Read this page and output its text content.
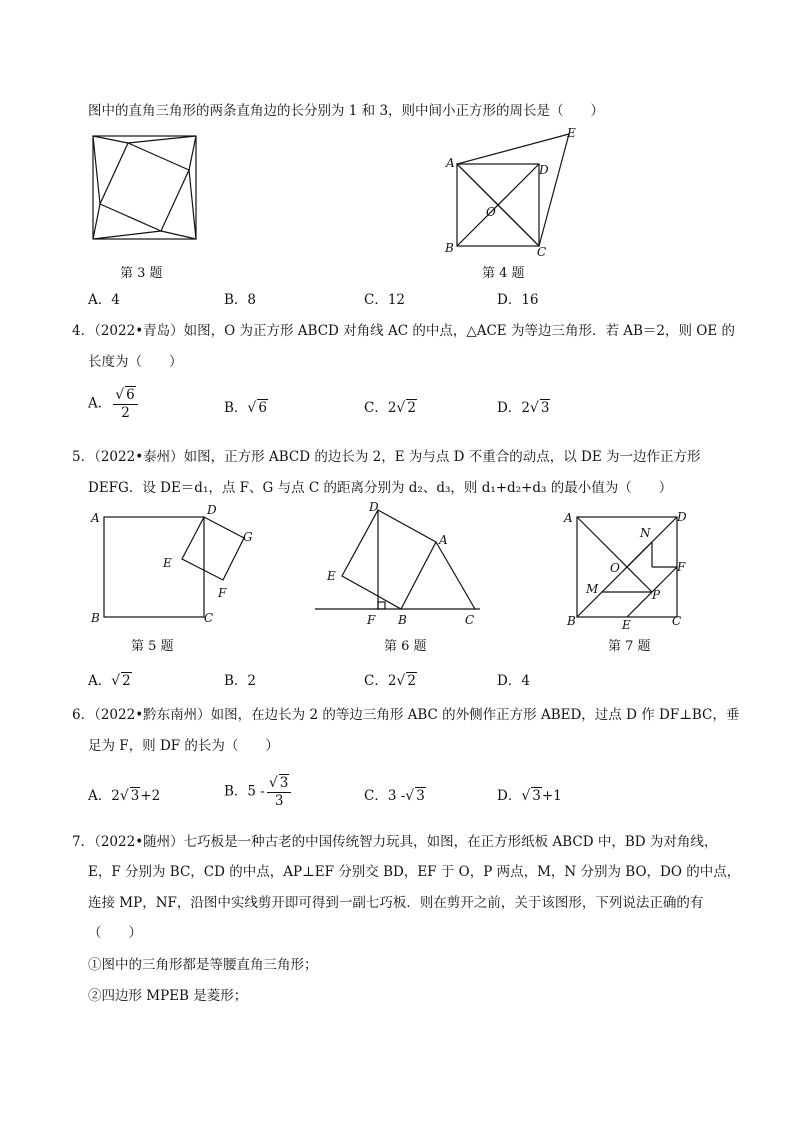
图中的直角三角形的两条直角边的长分别为 1 和 3，则中间小正方形的周长是（　　）
第 3 题
A	D
E
O
B	C
第 4 题
A．4	B．8	C．12	D．16
4．（2022•青岛）如图，O 为正方形 ABCD 对角线 AC 的中点，△ACE 为等边三角形．若 AB＝2，则 OE 的
长度为（　　）
A． $\frac{√ 6}{2}$	B．√ 6	C．2√ 2	D．2√ 3
5．（2022•泰州）如图，正方形 ABCD 的边长为 2，E 为与点 D 不重合的动点，以 DE 为一边作正方形
DEFG．设 DE＝d₁，点 F、G 与点 C 的距离分别为 d₂、d₃，则 d₁+d₂+d₃ 的最小值为（　　）
A
D
G
E
F
B	C
第 5 题
D
A
E
F B	C
第 6 题
A	D
N
O	F
M	P
B	E	C
第 7 题
A．√ 2	B．2	C．2√ 2	D．4
6．（2022•黔东南州）如图，在边长为 2 的等边三角形 ABC 的外侧作正方形 ABED，过点 D 作 DF⊥BC，垂
足为 F，则 DF 的长为（　　）
A．2√ 3+2	B．$5 - \frac{√ 3}{3}$	C．3 -√ 3	D．√ 3+1
7．（2022•随州）七巧板是一种古老的中国传统智力玩具，如图，在正方形纸板 ABCD 中，BD 为对角线，
E，F 分别为 BC，CD 的中点，AP⊥EF 分别交 BD，EF 于 O，P 两点，M，N 分别为 BO，DO 的中点，
连接 MP，NF，沿图中实线剪开即可得到一副七巧板．则在剪开之前，关于该图形，下列说法正确的有
（　　）
①图中的三角形都是等腰直角三角形；
②四边形 MPEB 是菱形；
